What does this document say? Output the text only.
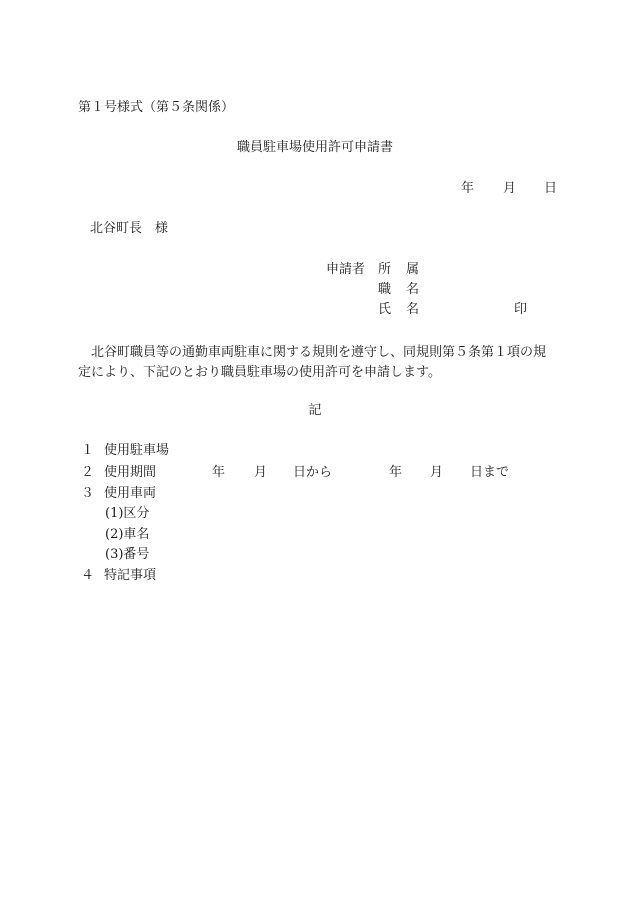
第１号様式（第５条関係）
職員駐車場使用許可申請書
年 月 日
北谷町長　様
申請者 所 属
職 名
氏 名	印
北谷町職員等の通勤車両駐車に関する規則を遵守し、同規則第５条第１項の規定により、下記のとおり職員駐車場の使用許可を申請します。
記
１ 使用駐車場
２ 使用期間	年 月 日から	年 月 日まで
３ 使用車両
(1)区分
(2)車名
(3)番号
４ 特記事項
